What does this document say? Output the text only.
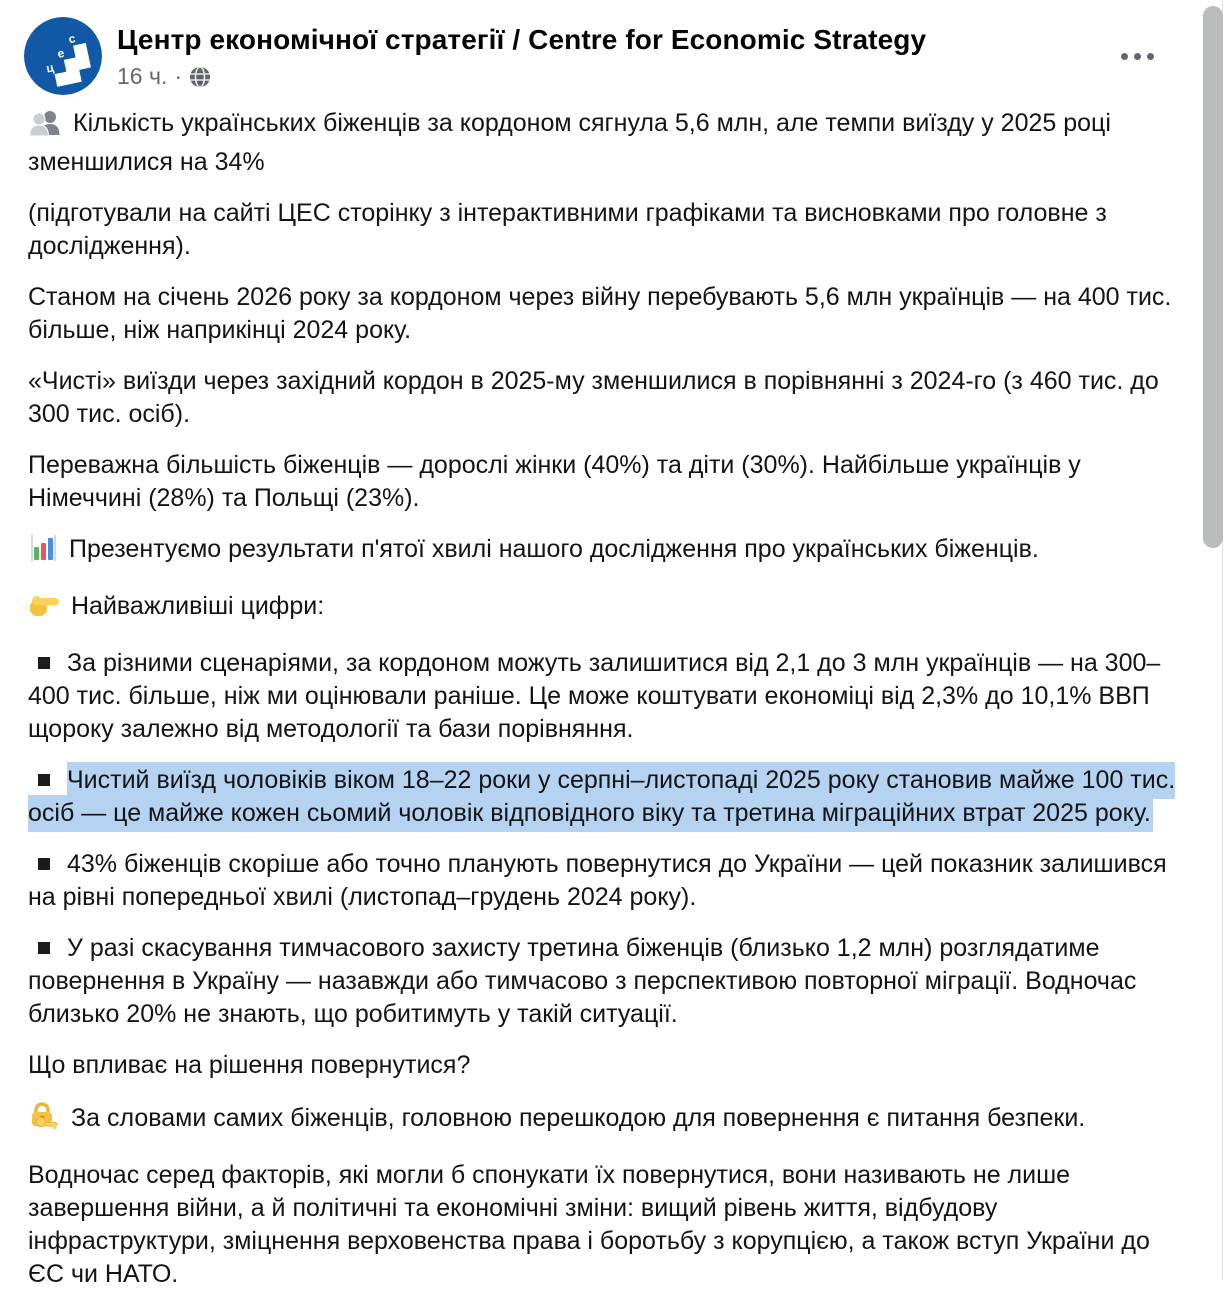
ц
е
с Центр економічної стратегії / Centre for Economic Strategy
16 ч. ·

Кількість українських біженців за кордоном сягнула 5,6 млн, але темпи виїзду у 2025 році зменшилися на 34%

(підготували на сайті ЦЕС сторінку з інтерактивними графіками та висновками про головне з дослідження).

Станом на січень 2026 року за кордоном через війну перебувають 5,6 млн українців — на 400 тис. більше, ніж наприкінці 2024 року.

«Чисті» виїзди через західний кордон в 2025-му зменшилися в порівнянні з 2024-го (з 460 тис. до 300 тис. осіб).

Переважна більшість біженців — дорослі жінки (40%) та діти (30%). Найбільше українців у Німеччині (28%) та Польщі (23%).

Презентуємо результати п'ятої хвилі нашого дослідження про українських біженців.

Найважливіші цифри:

За різними сценаріями, за кордоном можуть залишитися від 2,1 до 3 млн українців — на 300–400 тис. більше, ніж ми оцінювали раніше. Це може коштувати економіці від 2,3% до 10,1% ВВП щороку залежно від методології та бази порівняння.

Чистий виїзд чоловіків віком 18–22 роки у серпні–листопаді 2025 року становив майже 100 тис. осіб — це майже кожен сьомий чоловік відповідного віку та третина міграційних втрат 2025 року.

43% біженців скоріше або точно планують повернутися до України — цей показник залишився на рівні попередньої хвилі (листопад–грудень 2024 року).

У разі скасування тимчасового захисту третина біженців (близько 1,2 млн) розглядатиме повернення в Україну — назавжди або тимчасово з перспективою повторної міграції. Водночас близько 20% не знають, що робитимуть у такій ситуації.

Що впливає на рішення повернутися?

За словами самих біженців, головною перешкодою для повернення є питання безпеки.

Водночас серед факторів, які могли б спонукати їх повернутися, вони називають не лише завершення війни, а й політичні та економічні зміни: вищий рівень життя, відбудову інфраструктури, зміцнення верховенства права і боротьбу з корупцією, а також вступ України до ЄС чи НАТО.
